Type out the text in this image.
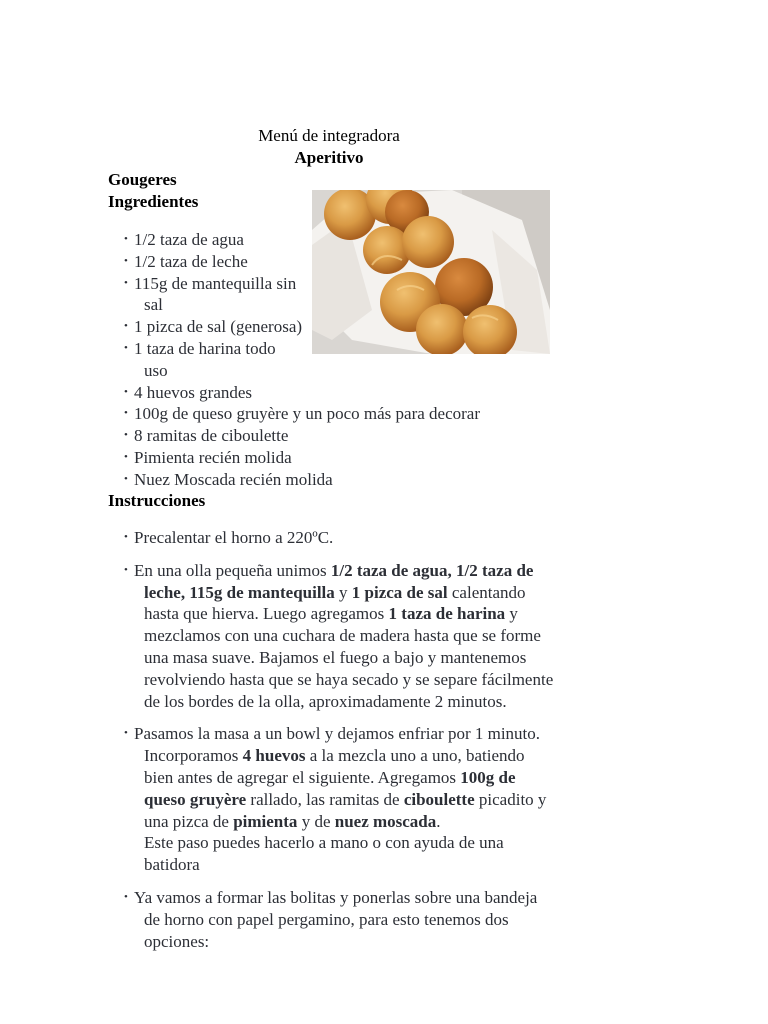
Menú de integradora
Aperitivo
Gougeres
Ingredientes
• 1/2 taza de agua
• 1/2 taza de leche
• 115g de mantequilla sin
sal
• 1 pizca de sal (generosa)
• 1 taza de harina todo
uso
• 4 huevos grandes
• 100g de queso gruyère y un poco más para decorar
• 8 ramitas de ciboulette
• Pimienta recién molida
• Nuez Moscada recién molida
Instrucciones
• Precalentar el horno a 220ºC.
• En una olla pequeña unimos 1/2 taza de agua, 1/2 taza de leche, 115g de mantequilla y 1 pizca de sal calentando hasta que hierva. Luego agregamos 1 taza de harina y mezclamos con una cuchara de madera hasta que se forme una masa suave. Bajamos el fuego a bajo y mantenemos revolviendo hasta que se haya secado y se separe fácilmente de los bordes de la olla, aproximadamente 2 minutos.
• Pasamos la masa a un bowl y dejamos enfriar por 1 minuto. Incorporamos 4 huevos a la mezcla uno a uno, batiendo bien antes de agregar el siguiente. Agregamos 100g de queso gruyère rallado, las ramitas de ciboulette picadito y una pizca de pimienta y de nuez moscada.
Este paso puedes hacerlo a mano o con ayuda de una batidora
• Ya vamos a formar las bolitas y ponerlas sobre una bandeja de horno con papel pergamino, para esto tenemos dos opciones:
